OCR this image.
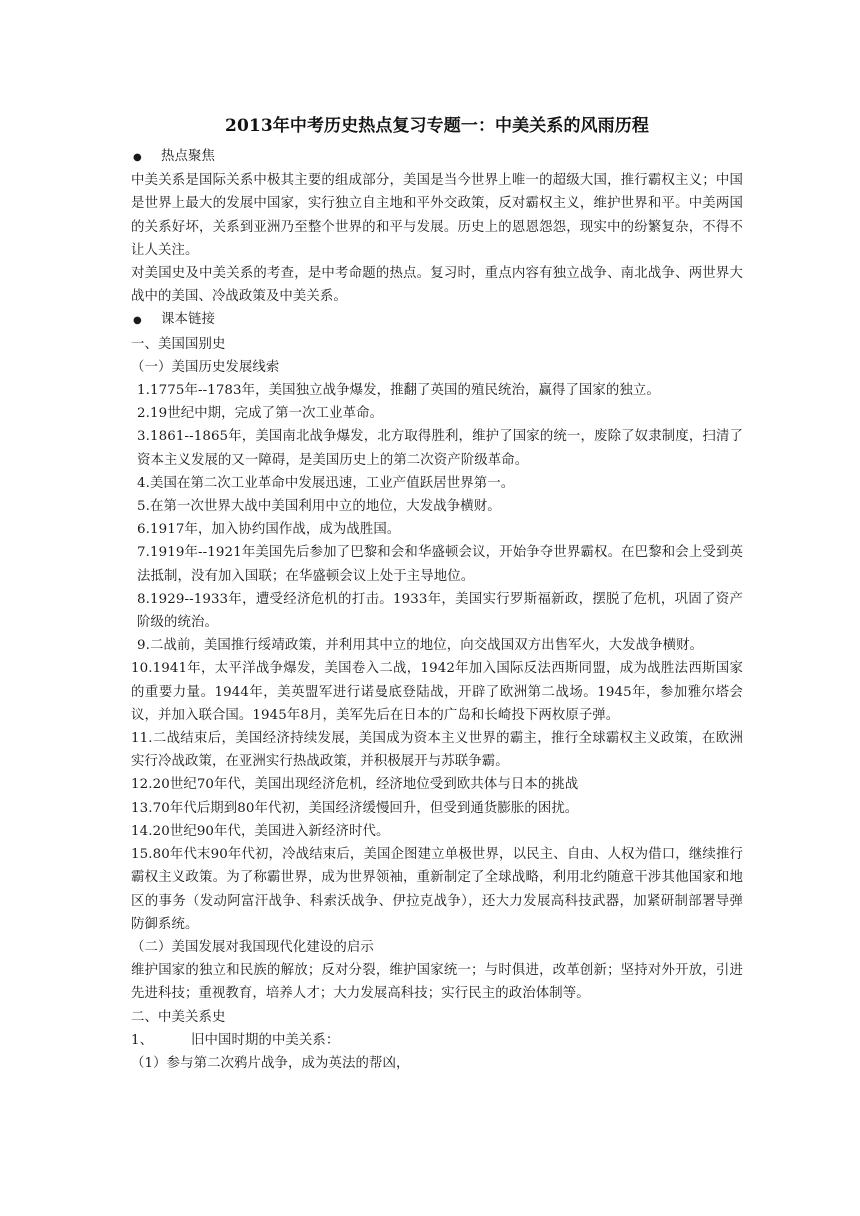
2013年中考历史热点复习专题一：中美关系的风雨历程
●	热点聚焦

中美关系是国际关系中极其主要的组成部分，美国是当今世界上唯一的超级大国，推行霸权主义；中国是世界上最大的发展中国家，实行独立自主地和平外交政策，反对霸权主义，维护世界和平。中美两国的关系好坏，关系到亚洲乃至整个世界的和平与发展。历史上的恩恩怨怨，现实中的纷繁复杂，不得不让人关注。

对美国史及中美关系的考查，是中考命题的热点。复习时，重点内容有独立战争、南北战争、两世界大战中的美国、冷战政策及中美关系。

●	课本链接

一、美国国别史

（一）美国历史发展线索

1.1775年--1783年，美国独立战争爆发，推翻了英国的殖民统治，赢得了国家的独立。

2.19世纪中期，完成了第一次工业革命。

3.1861--1865年，美国南北战争爆发，北方取得胜利，维护了国家的统一，废除了奴隶制度，扫清了资本主义发展的又一障碍，是美国历史上的第二次资产阶级革命。

4.美国在第二次工业革命中发展迅速，工业产值跃居世界第一。

5.在第一次世界大战中美国利用中立的地位，大发战争横财。

6.1917年，加入协约国作战，成为战胜国。

7.1919年--1921年美国先后参加了巴黎和会和华盛顿会议，开始争夺世界霸权。在巴黎和会上受到英法抵制，没有加入国联；在华盛顿会议上处于主导地位。

8.1929--1933年，遭受经济危机的打击。1933年，美国实行罗斯福新政，摆脱了危机，巩固了资产阶级的统治。

9.二战前，美国推行绥靖政策，并利用其中立的地位，向交战国双方出售军火，大发战争横财。

10.1941年，太平洋战争爆发，美国卷入二战，1942年加入国际反法西斯同盟，成为战胜法西斯国家的重要力量。1944年，美英盟军进行诺曼底登陆战，开辟了欧洲第二战场。1945年，参加雅尔塔会议，并加入联合国。1945年8月，美军先后在日本的广岛和长崎投下两枚原子弹。

11.二战结束后，美国经济持续发展，美国成为资本主义世界的霸主，推行全球霸权主义政策，在欧洲实行冷战政策，在亚洲实行热战政策，并积极展开与苏联争霸。

12.20世纪70年代，美国出现经济危机，经济地位受到欧共体与日本的挑战

13.70年代后期到80年代初，美国经济缓慢回升，但受到通货膨胀的困扰。

14.20世纪90年代，美国进入新经济时代。

15.80年代末90年代初，冷战结束后，美国企图建立单极世界，以民主、自由、人权为借口，继续推行霸权主义政策。为了称霸世界，成为世界领袖，重新制定了全球战略，利用北约随意干涉其他国家和地区的事务（发动阿富汗战争、科索沃战争、伊拉克战争），还大力发展高科技武器，加紧研制部署导弹防御系统。

（二）美国发展对我国现代化建设的启示

维护国家的独立和民族的解放；反对分裂，维护国家统一；与时俱进，改革创新；坚持对外开放，引进先进科技；重视教育，培养人才；大力发展高科技；实行民主的政治体制等。

二、中美关系史

1、	旧中国时期的中美关系：

（1）参与第二次鸦片战争，成为英法的帮凶，
